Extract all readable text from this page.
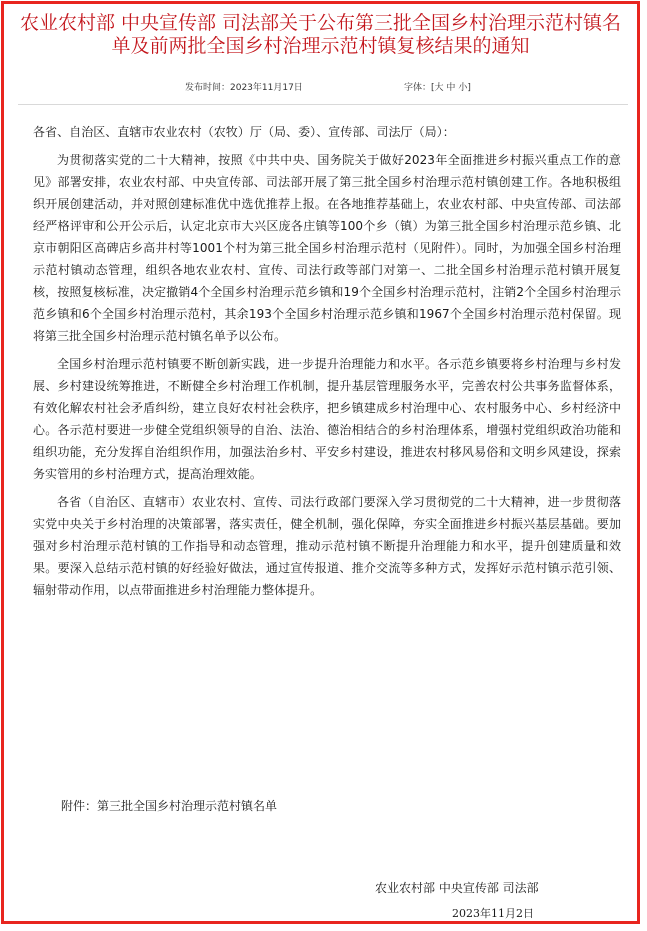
农业农村部 中央宣传部 司法部关于公布第三批全国乡村治理示范村镇名单及前两批全国乡村治理示范村镇复核结果的通知
发布时间：2023年11月17日	字体：[大 中 小]

各省、自治区、直辖市农业农村（农牧）厅（局、委）、宣传部、司法厅（局）：

为贯彻落实党的二十大精神，按照《中共中央、国务院关于做好2023年全面推进乡村振兴重点工作的意见》部署安排，农业农村部、中央宣传部、司法部开展了第三批全国乡村治理示范村镇创建工作。各地积极组织开展创建活动，并对照创建标准优中选优推荐上报。在各地推荐基础上，农业农村部、中央宣传部、司法部经严格评审和公开公示后，认定北京市大兴区庞各庄镇等100个乡（镇）为第三批全国乡村治理示范乡镇、北京市朝阳区高碑店乡高井村等1001个村为第三批全国乡村治理示范村（见附件）。同时，为加强全国乡村治理示范村镇动态管理，组织各地农业农村、宣传、司法行政等部门对第一、二批全国乡村治理示范村镇开展复核，按照复核标准，决定撤销4个全国乡村治理示范乡镇和19个全国乡村治理示范村，注销2个全国乡村治理示范乡镇和6个全国乡村治理示范村，其余193个全国乡村治理示范乡镇和1967个全国乡村治理示范村保留。现将第三批全国乡村治理示范村镇名单予以公布。

全国乡村治理示范村镇要不断创新实践，进一步提升治理能力和水平。各示范乡镇要将乡村治理与乡村发展、乡村建设统筹推进，不断健全乡村治理工作机制，提升基层管理服务水平，完善农村公共事务监督体系，有效化解农村社会矛盾纠纷，建立良好农村社会秩序，把乡镇建成乡村治理中心、农村服务中心、乡村经济中心。各示范村要进一步健全党组织领导的自治、法治、德治相结合的乡村治理体系，增强村党组织政治功能和组织功能，充分发挥自治组织作用，加强法治乡村、平安乡村建设，推进农村移风易俗和文明乡风建设，探索务实管用的乡村治理方式，提高治理效能。

各省（自治区、直辖市）农业农村、宣传、司法行政部门要深入学习贯彻党的二十大精神，进一步贯彻落实党中央关于乡村治理的决策部署，落实责任，健全机制，强化保障，夯实全面推进乡村振兴基层基础。要加强对乡村治理示范村镇的工作指导和动态管理，推动示范村镇不断提升治理能力和水平，提升创建质量和效果。要深入总结示范村镇的好经验好做法，通过宣传报道、推介交流等多种方式，发挥好示范村镇示范引领、辐射带动作用，以点带面推进乡村治理能力整体提升。

附件：第三批全国乡村治理示范村镇名单
农业农村部 中央宣传部 司法部
2023年11月2日
